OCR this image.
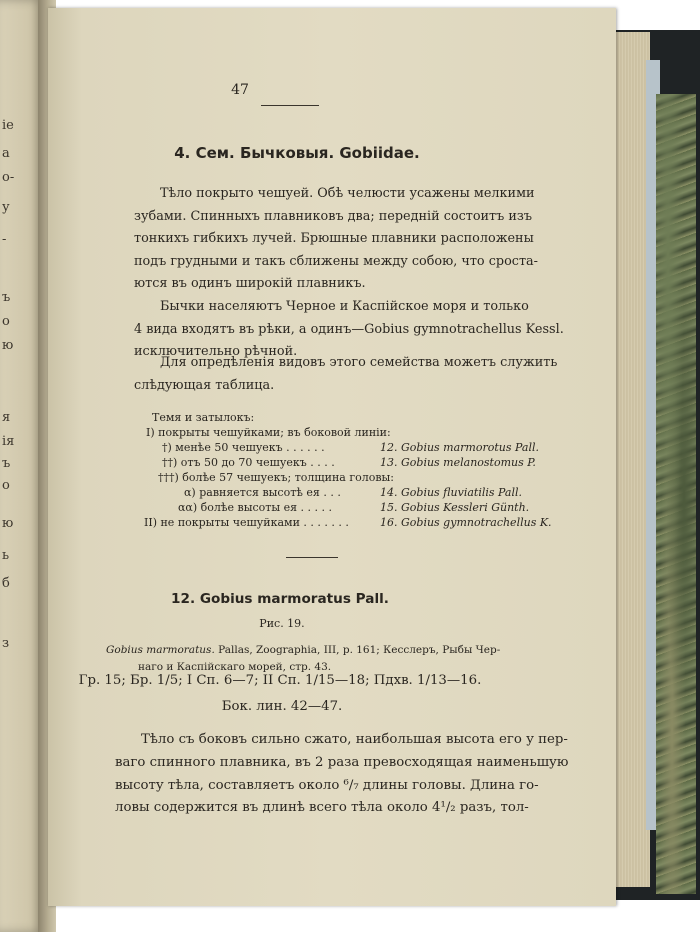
ie
а
о-
у
-
ъ
о
ю
я
ія
ъ
о
ю
ь
б
з
47
4. Сем. Бычковыя. Gobiidae.
Тѣло покрыто чешуей. Обѣ челюсти усажены мелкими
зубами. Спинныхъ плавниковъ два; передній состоитъ изъ
тонкихъ гибкихъ лучей. Брюшные плавники расположены
подъ грудными и такъ сближены между собою, что сроста-
ются въ одинъ широкій плавникъ.
Бычки населяютъ Черное и Каспійское моря и только
4 вида входятъ въ рѣки, а одинъ—Gobius gymnotrachellus Kessl.
исключительно рѣчной.
Для опредѣленія видовъ этого семейства можетъ служить
слѣдующая таблица.
Темя и затылокъ:
I) покрыты чешуйками; въ боковой линіи:
†) менѣе 50 чешуекъ . . . . . .	12. Gobius marmorotus Pall.
††) отъ 50 до 70 чешуекъ . . . .	13. Gobius melanostomus P.
†††) болѣе 57 чешуекъ; толщина головы:
α) равняется высотѣ ея . . .	14. Gobius fluviatilis Pall.
αα) болѣе высоты ея . . . . .	15. Gobius Kessleri Günth.
II) не покрыты чешуйками . . . . . . .	16. Gobius gymnotrachellus K.
12. Gobius marmoratus Pall.
Рис. 19.
Gobius marmoratus. Pallas, Zoographia, III, p. 161; Кесслеръ, Рыбы Чер-
наго и Каспійскаго морей, стр. 43.
Гр. 15; Бр. 1/5; I Сп. 6—7; II Сп. 1/15—18; Пдхв. 1/13—16.
Бок. лин. 42—47.
Тѣло съ боковъ сильно сжато, наибольшая высота его у пер-
ваго спинного плавника, въ 2 раза превосходящая наименьшую
высоту тѣла, составляетъ около ⁶/₇ длины головы. Длина го-
ловы содержится въ длинѣ всего тѣла около 4¹/₂ разъ, тол-
